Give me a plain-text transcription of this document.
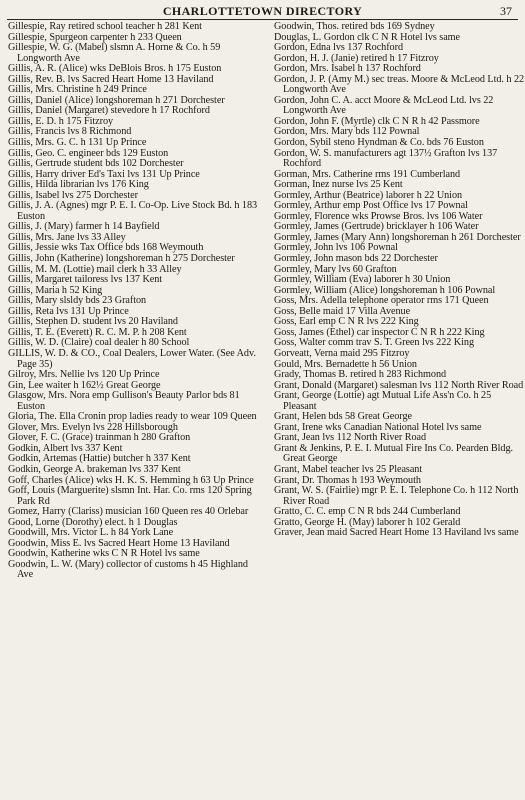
CHARLOTTETOWN DIRECTORY	37
Gillespie, Ray retired school teacher h 281 Kent
Gillespie, Spurgeon carpenter h 233 Queen
Gillespie, W. G. (Mabel) slsmn A. Horne & Co. h 59 Longworth Ave
Gillis, A. R. (Alice) wks DeBlois Bros. h 175 Euston
Gillis, Rev. B. lvs Sacred Heart Home 13 Haviland
Gillis, Mrs. Christine h 249 Prince
Gillis, Daniel (Alice) longshoreman h 271 Dorchester
Gillis, Daniel (Margaret) stevedore h 17 Rochford
Gillis, E. D. h 175 Fitzroy
Gillis, Francis lvs 8 Richmond
Gillis, Mrs. G. C. h 131 Up Prince
Gillis, Geo. C. engineer bds 129 Euston
Gillis, Gertrude student bds 102 Dorchester
Gillis, Harry driver Ed's Taxi lvs 131 Up Prince
Gillis, Hilda librarian lvs 176 King
Gillis, Isabel lvs 275 Dorchester
Gillis, J. A. (Agnes) mgr P. E. I. Co-Op. Live Stock Bd. h 183 Euston
Gillis, J. (Mary) farmer h 14 Bayfield
Gillis, Mrs. Jane lvs 33 Alley
Gillis, Jessie wks Tax Office bds 168 Weymouth
Gillis, John (Katherine) longshoreman h 275 Dorchester
Gillis, M. M. (Lottie) mail clerk h 33 Alley
Gillis, Margaret tailoress lvs 137 Kent
Gillis, Maria h 52 King
Gillis, Mary slsldy bds 23 Grafton
Gillis, Reta lvs 131 Up Prince
Gillis, Stephen D. student lvs 20 Haviland
Gillis, T. E. (Everett) R. C. M. P. h 208 Kent
Gillis, W. D. (Claire) coal dealer h 80 School
GILLIS, W. D. & CO., Coal Dealers, Lower Water. (See Adv. Page 35)
Gilroy, Mrs. Nellie lvs 120 Up Prince
Gin, Lee waiter h 162½ Great George
Glasgow, Mrs. Nora emp Gullison's Beauty Parlor bds 81 Euston
Gloria, The. Ella Cronin prop ladies ready to wear 109 Queen
Glover, Mrs. Evelyn lvs 228 Hillsborough
Glover, F. C. (Grace) trainman h 280 Grafton
Godkin, Albert lvs 337 Kent
Godkin, Artemas (Hattie) butcher h 337 Kent
Godkin, George A. brakeman lvs 337 Kent
Goff, Charles (Alice) wks H. K. S. Hemming h 63 Up Prince
Goff, Louis (Marguerite) slsmn Int. Har. Co. rms 120 Spring Park Rd
Gomez, Harry (Clariss) musician 160 Queen res 40 Orlebar
Good, Lorne (Dorothy) elect. h 1 Douglas
Goodwill, Mrs. Victor L. h 84 York Lane
Goodwin, Miss E. lvs Sacred Heart Home 13 Haviland
Goodwin, Katherine wks C N R Hotel lvs same
Goodwin, L. W. (Mary) collector of customs h 45 Highland Ave
Goodwin, Thos. retired bds 169 Sydney
Douglas, L. Gordon clk C N R Hotel lvs same
Gordon, Edna lvs 137 Rochford
Gordon, H. J. (Janie) retired h 17 Fitzroy
Gordon, Mrs. Isabel h 137 Rochford
Gordon, J. P. (Amy M.) sec treas. Moore & McLeod Ltd. h 22 Longworth Ave
Gordon, John C. A. acct Moore & McLeod Ltd. lvs 22 Longworth Ave
Gordon, John F. (Myrtle) clk C N R h 42 Passmore
Gordon, Mrs. Mary bds 112 Pownal
Gordon, Sybil steno Hyndman & Co. bds 76 Euston
Gordon, W. S. manufacturers agt 137½ Grafton lvs 137 Rochford
Gorman, Mrs. Catherine rms 191 Cumberland
Gorman, Inez nurse lvs 25 Kent
Gormley, Arthur (Beatrice) laborer h 22 Union
Gormley, Arthur emp Post Office lvs 17 Pownal
Gormley, Florence wks Prowse Bros. lvs 106 Water
Gormley, James (Gertrude) bricklayer h 106 Water
Gormley, James (Mary Ann) longshoreman h 261 Dorchester
Gormley, John lvs 106 Pownal
Gormley, John mason bds 22 Dorchester
Gormley, Mary lvs 60 Grafton
Gormley, William (Eva) laborer h 30 Union
Gormley, William (Alice) longshoreman h 106 Pownal
Goss, Mrs. Adella telephone operator rms 171 Queen
Goss, Belle maid 17 Villa Avenue
Goss, Earl emp C N R lvs 222 King
Goss, James (Ethel) car inspector C N R h 222 King
Goss, Walter comm trav S. T. Green lvs 222 King
Gorveatt, Verna maid 295 Fitzroy
Gould, Mrs. Bernadette h 56 Union
Grady, Thomas B. retired h 283 Richmond
Grant, Donald (Margaret) salesman lvs 112 North River Road
Grant, George (Lottie) agt Mutual Life Ass'n Co. h 25 Pleasant
Grant, Helen bds 58 Great George
Grant, Irene wks Canadian National Hotel lvs same
Grant, Jean lvs 112 North River Road
Grant & Jenkins, P. E. I. Mutual Fire Ins Co. Pearden Bldg. Great George
Grant, Mabel teacher lvs 25 Pleasant
Grant, Dr. Thomas h 193 Weymouth
Grant, W. S. (Fairlie) mgr P. E. I. Telephone Co. h 112 North River Road
Gratto, C. C. emp C N R bds 244 Cumberland
Gratto, George H. (May) laborer h 102 Gerald
Graver, Jean maid Sacred Heart Home 13 Haviland lvs same
